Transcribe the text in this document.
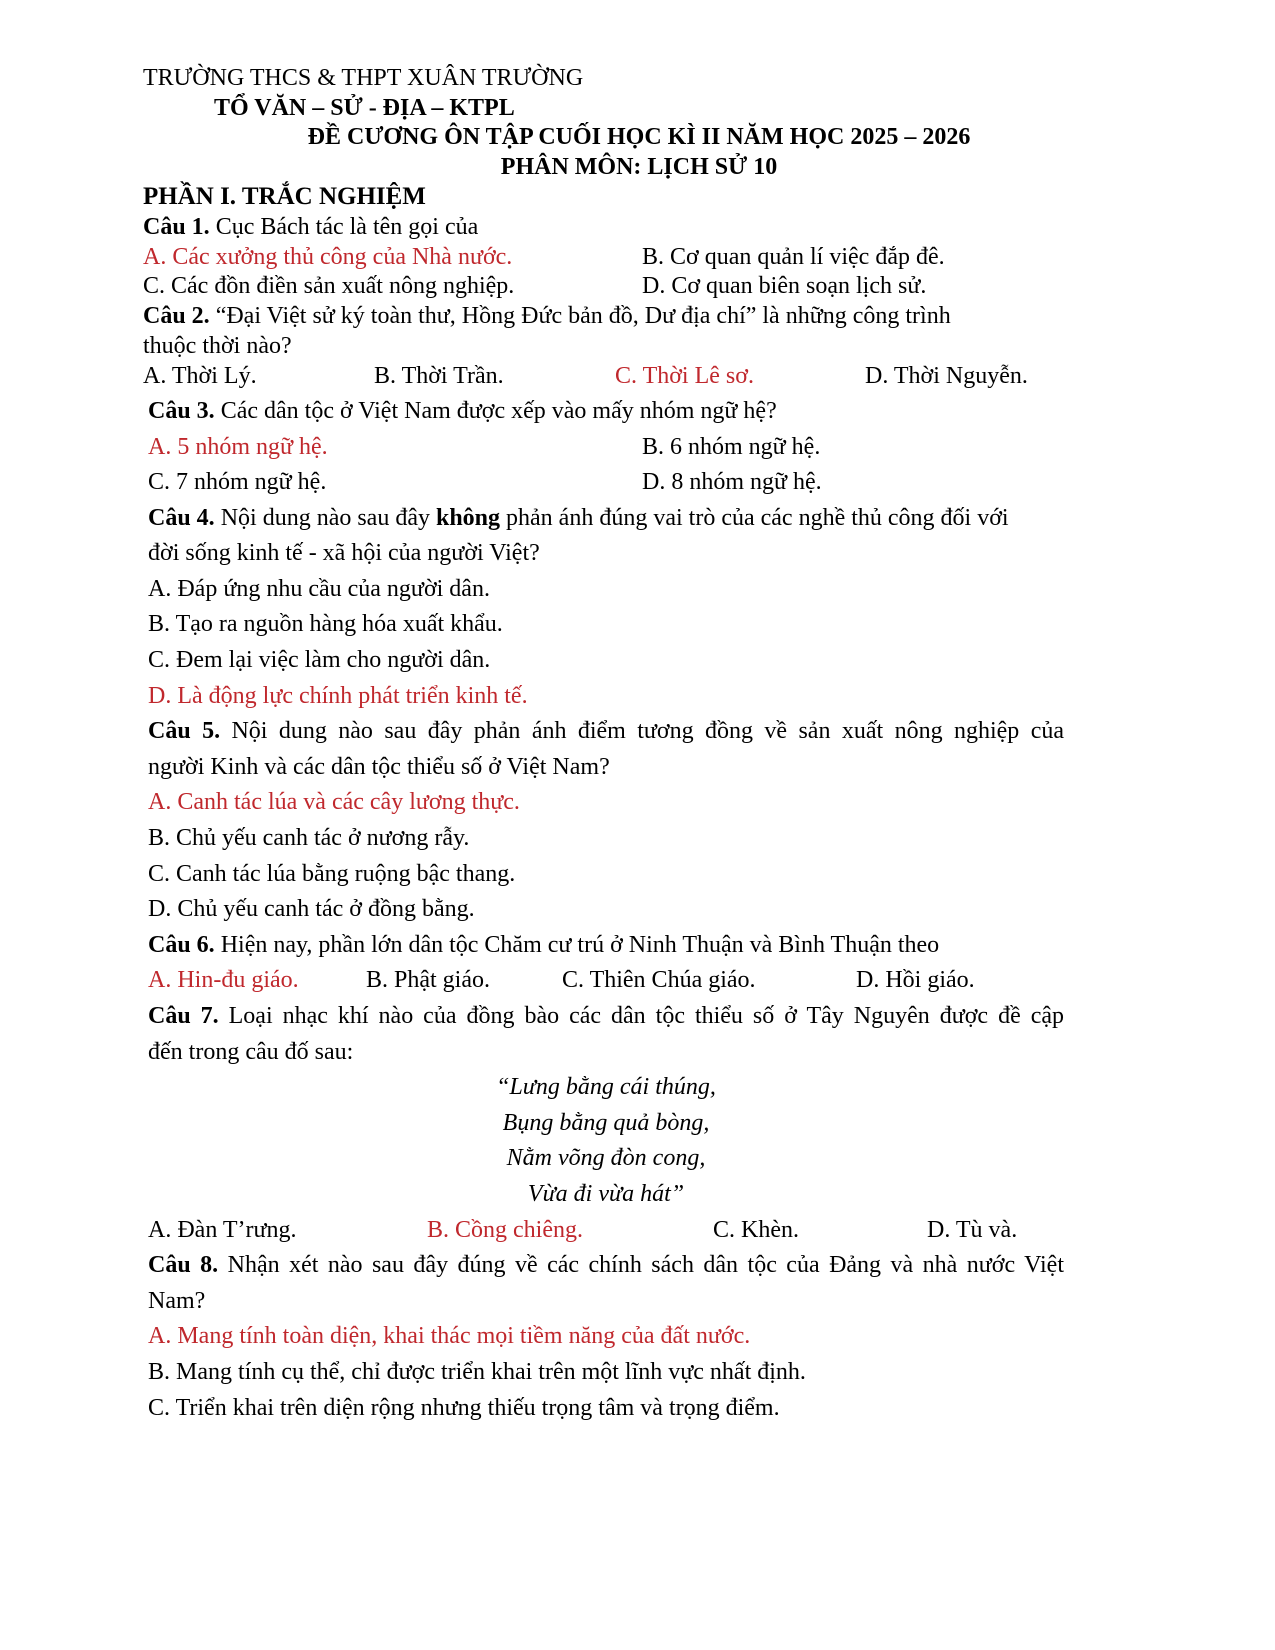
TRƯỜNG THCS & THPT XUÂN TRƯỜNG
TỔ VĂN – SỬ - ĐỊA – KTPL
ĐỀ CƯƠNG ÔN TẬP CUỐI HỌC KÌ II NĂM HỌC 2025 – 2026
PHÂN MÔN: LỊCH SỬ 10
PHẦN I. TRẮC NGHIỆM
Câu 1. Cục Bách tác là tên gọi của
A. Các xưởng thủ công của Nhà nước.	B. Cơ quan quản lí việc đắp đê.
C. Các đồn điền sản xuất nông nghiệp.	D. Cơ quan biên soạn lịch sử.
Câu 2. “Đại Việt sử ký toàn thư, Hồng Đức bản đồ, Dư địa chí” là những công trình
thuộc thời nào?
A. Thời Lý.	B. Thời Trần.	C. Thời Lê sơ.	D. Thời Nguyễn.
Câu 3. Các dân tộc ở Việt Nam được xếp vào mấy nhóm ngữ hệ?
A. 5 nhóm ngữ hệ.	B. 6 nhóm ngữ hệ.
C. 7 nhóm ngữ hệ.	D. 8 nhóm ngữ hệ.
Câu 4. Nội dung nào sau đây không phản ánh đúng vai trò của các nghề thủ công đối với
đời sống kinh tế - xã hội của người Việt?
A. Đáp ứng nhu cầu của người dân.
B. Tạo ra nguồn hàng hóa xuất khẩu.
C. Đem lại việc làm cho người dân.
D. Là động lực chính phát triển kinh tế.
Câu 5. Nội dung nào sau đây phản ánh điểm tương đồng về sản xuất nông nghiệp của
người Kinh và các dân tộc thiểu số ở Việt Nam?
A. Canh tác lúa và các cây lương thực.
B. Chủ yếu canh tác ở nương rẫy.
C. Canh tác lúa bằng ruộng bậc thang.
D. Chủ yếu canh tác ở đồng bằng.
Câu 6. Hiện nay, phần lớn dân tộc Chăm cư trú ở Ninh Thuận và Bình Thuận theo
A. Hin-đu giáo.	B. Phật giáo.	C. Thiên Chúa giáo.	D. Hồi giáo.
Câu 7. Loại nhạc khí nào của đồng bào các dân tộc thiểu số ở Tây Nguyên được đề cập
đến trong câu đố sau:
“Lưng bằng cái thúng,
Bụng bằng quả bòng,
Nằm võng đòn cong,
Vừa đi vừa hát”
A. Đàn T’rưng.	B. Cồng chiêng.	C. Khèn.	D. Tù và.
Câu 8. Nhận xét nào sau đây đúng về các chính sách dân tộc của Đảng và nhà nước Việt
Nam?
A. Mang tính toàn diện, khai thác mọi tiềm năng của đất nước.
B. Mang tính cụ thể, chỉ được triển khai trên một lĩnh vực nhất định.
C. Triển khai trên diện rộng nhưng thiếu trọng tâm và trọng điểm.
